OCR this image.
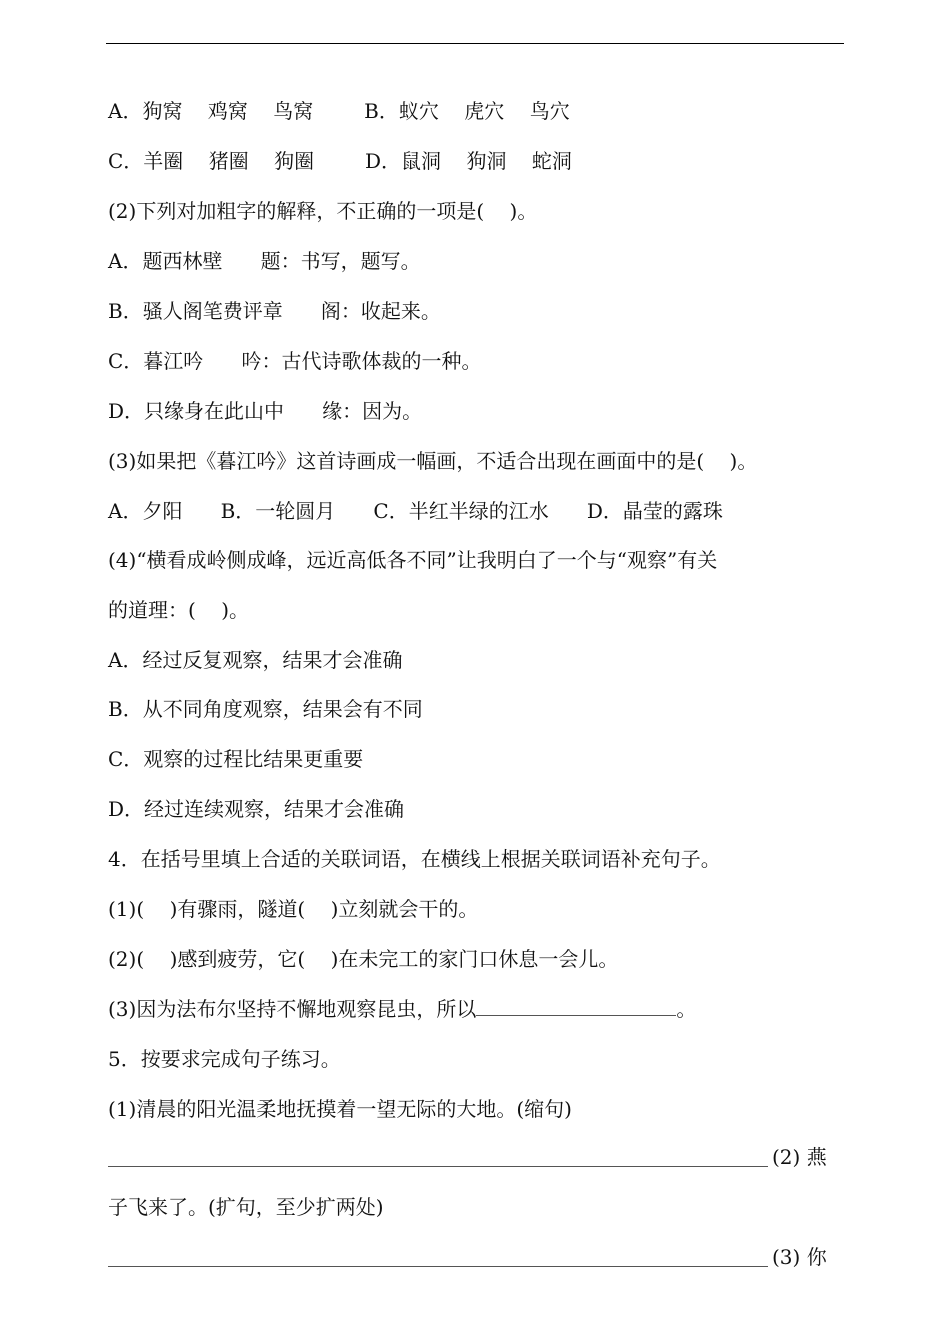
A．狗窝    鸡窝    鸟窝        B．蚁穴    虎穴    鸟穴
C．羊圈    猪圈    狗圈        D．鼠洞    狗洞    蛇洞
(2)下列对加粗字的解释，不正确的一项是(    )。
A．题西林壁      题：书写，题写。
B．骚人阁笔费评章      阁：收起来。
C．暮江吟      吟：古代诗歌体裁的一种。
D．只缘身在此山中      缘：因为。
(3)如果把《暮江吟》这首诗画成一幅画，不适合出现在画面中的是(    )。
A．夕阳      B．一轮圆月      C．半红半绿的江水      D．晶莹的露珠
(4)“横看成岭侧成峰，远近高低各不同”让我明白了一个与“观察”有关
的道理：(    )。
A．经过反复观察，结果才会准确
B．从不同角度观察，结果会有不同
C．观察的过程比结果更重要
D．经过连续观察，结果才会准确
4．在括号里填上合适的关联词语，在横线上根据关联词语补充句子。
(1)(    )有骤雨，隧道(    )立刻就会干的。
(2)(    )感到疲劳，它(    )在未完工的家门口休息一会儿。
(3)因为法布尔坚持不懈地观察昆虫，所以	。
5．按要求完成句子练习。
(1)清晨的阳光温柔地抚摸着一望无际的大地。(缩句)
(2) 燕
子飞来了。(扩句，至少扩两处)
(3) 你
